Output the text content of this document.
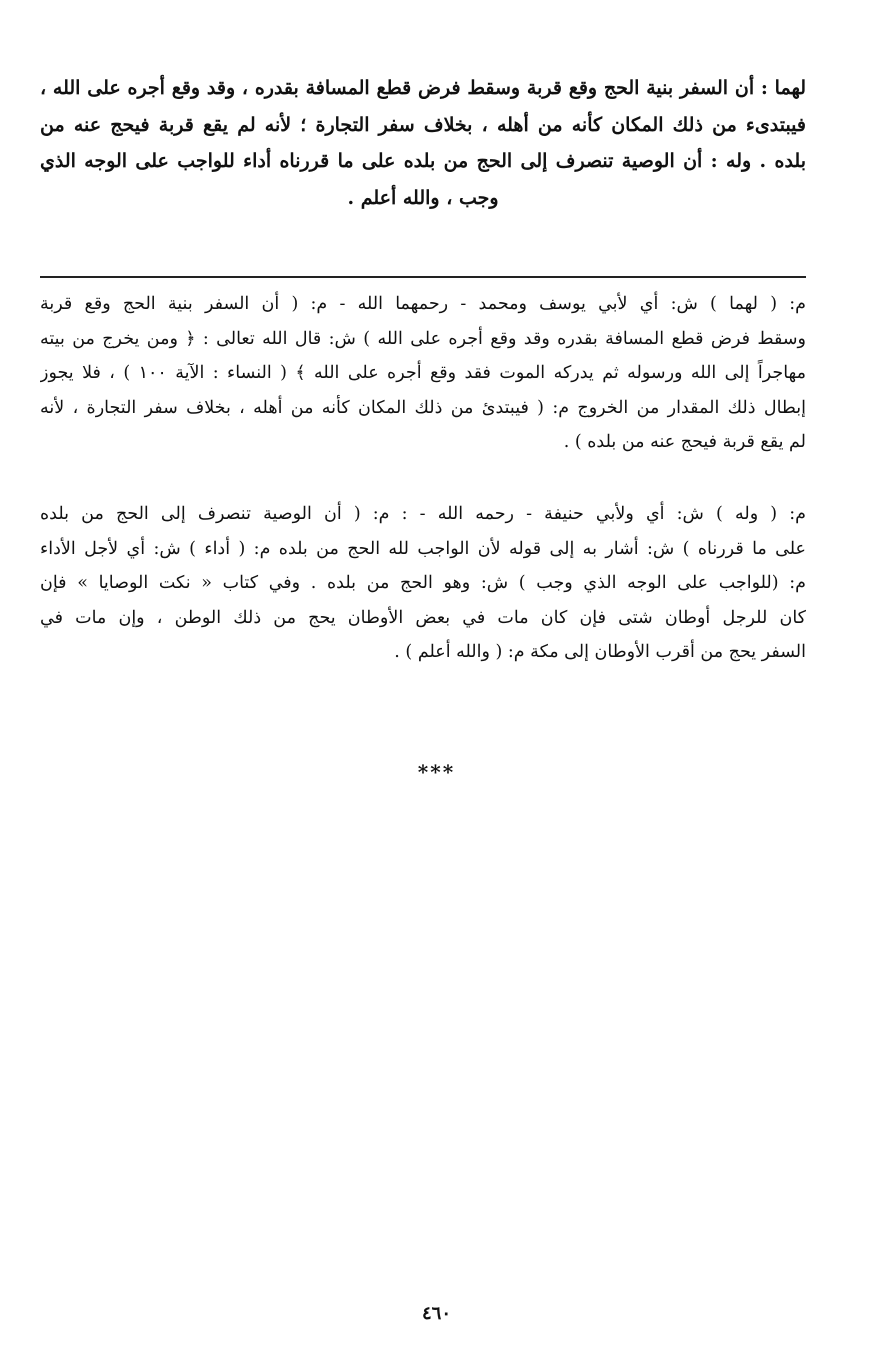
لهما : أن السفر بنية الحج وقع قربة وسقط فرض قطع المسافة بقدره ، وقد وقع أجره على الله ،
فيبتدىء من ذلك المكان كأنه من أهله ، بخلاف سفر التجارة ؛ لأنه لم يقع قربة فيحج عنه من
بلده . وله : أن الوصية تنصرف إلى الحج من بلده على ما قررناه أداء للواجب على الوجه الذي
وجب ، والله أعلم .
م: ( لهما ) ش: أي لأبي يوسف ومحمد - رحمهما الله - م: ( أن السفر بنية الحج وقع قربة
وسقط فرض قطع المسافة بقدره وقد وقع أجره على الله ) ش: قال الله تعالى : ﴿ ومن يخرج من بيته
مهاجراً إلى الله ورسوله ثم يدركه الموت فقد وقع أجره على الله ﴾ ( النساء : الآية ١٠٠ ) ، فلا يجوز
إبطال ذلك المقدار من الخروج م: ( فيبتدئ من ذلك المكان كأنه من أهله ، بخلاف سفر التجارة ، لأنه
لم يقع قربة فيحج عنه من بلده ) .
م: ( وله ) ش: أي ولأبي حنيفة - رحمه الله - : م: ( أن الوصية تنصرف إلى الحج من بلده
على ما قررناه ) ش: أشار به إلى قوله لأن الواجب لله الحج من بلده م: ( أداء ) ش: أي لأجل الأداء
م: (للواجب على الوجه الذي وجب ) ش: وهو الحج من بلده . وفي كتاب « نكت الوصايا » فإن
كان للرجل أوطان شتى فإن كان مات في بعض الأوطان يحج من ذلك الوطن ، وإن مات في
السفر يحج من أقرب الأوطان إلى مكة م: ( والله أعلم ) .
***
٤٦٠
